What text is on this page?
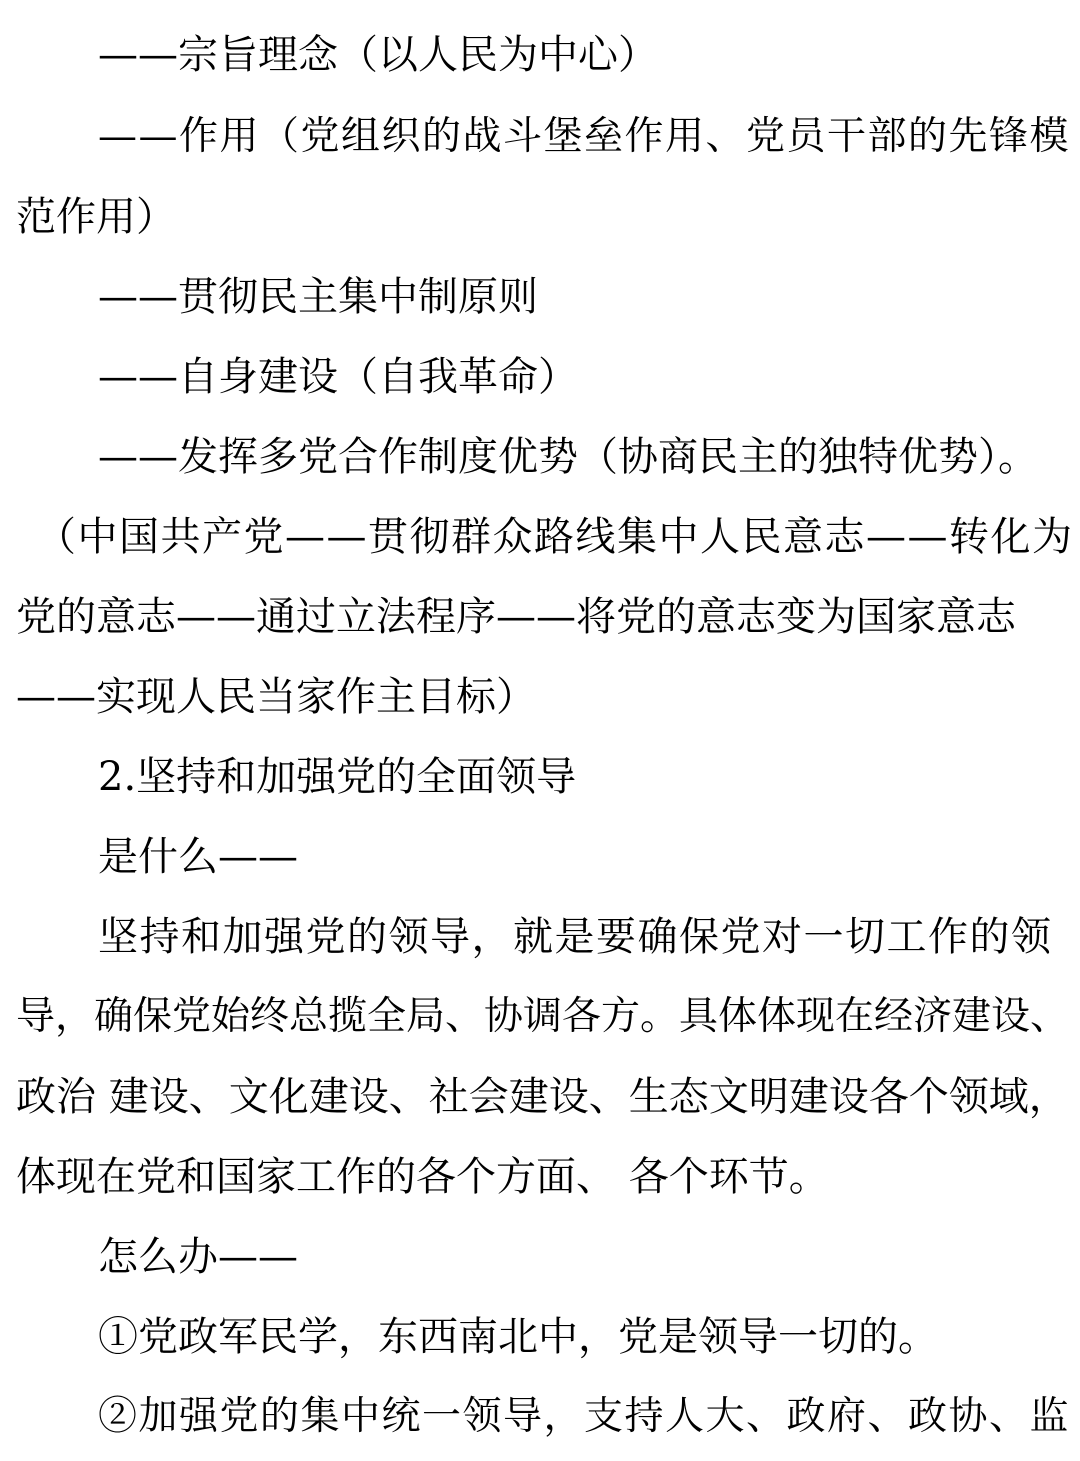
——宗旨理念（以人民为中心）
——作用（党组织的战斗堡垒作用、党员干部的先锋模
范作用）
——贯彻民主集中制原则
——自身建设（自我革命）
——发挥多党合作制度优势（协商民主的独特优势）。
（中国共产党——贯彻群众路线集中人民意志——转化为
党的意志——通过立法程序——将党的意志变为国家意志
——实现人民当家作主目标）
2.坚持和加强党的全面领导
是什么——
坚持和加强党的领导，就是要确保党对一切工作的领
导，确保党始终总揽全局、协调各方。具体体现在经济建设、
政治 建设、文化建设、社会建设、生态文明建设各个领域，
体现在党和国家工作的各个方面、 各个环节。
怎么办——
①党政军民学，东西南北中，党是领导一切的。
②加强党的集中统一领导，支持人大、政府、政协、监
